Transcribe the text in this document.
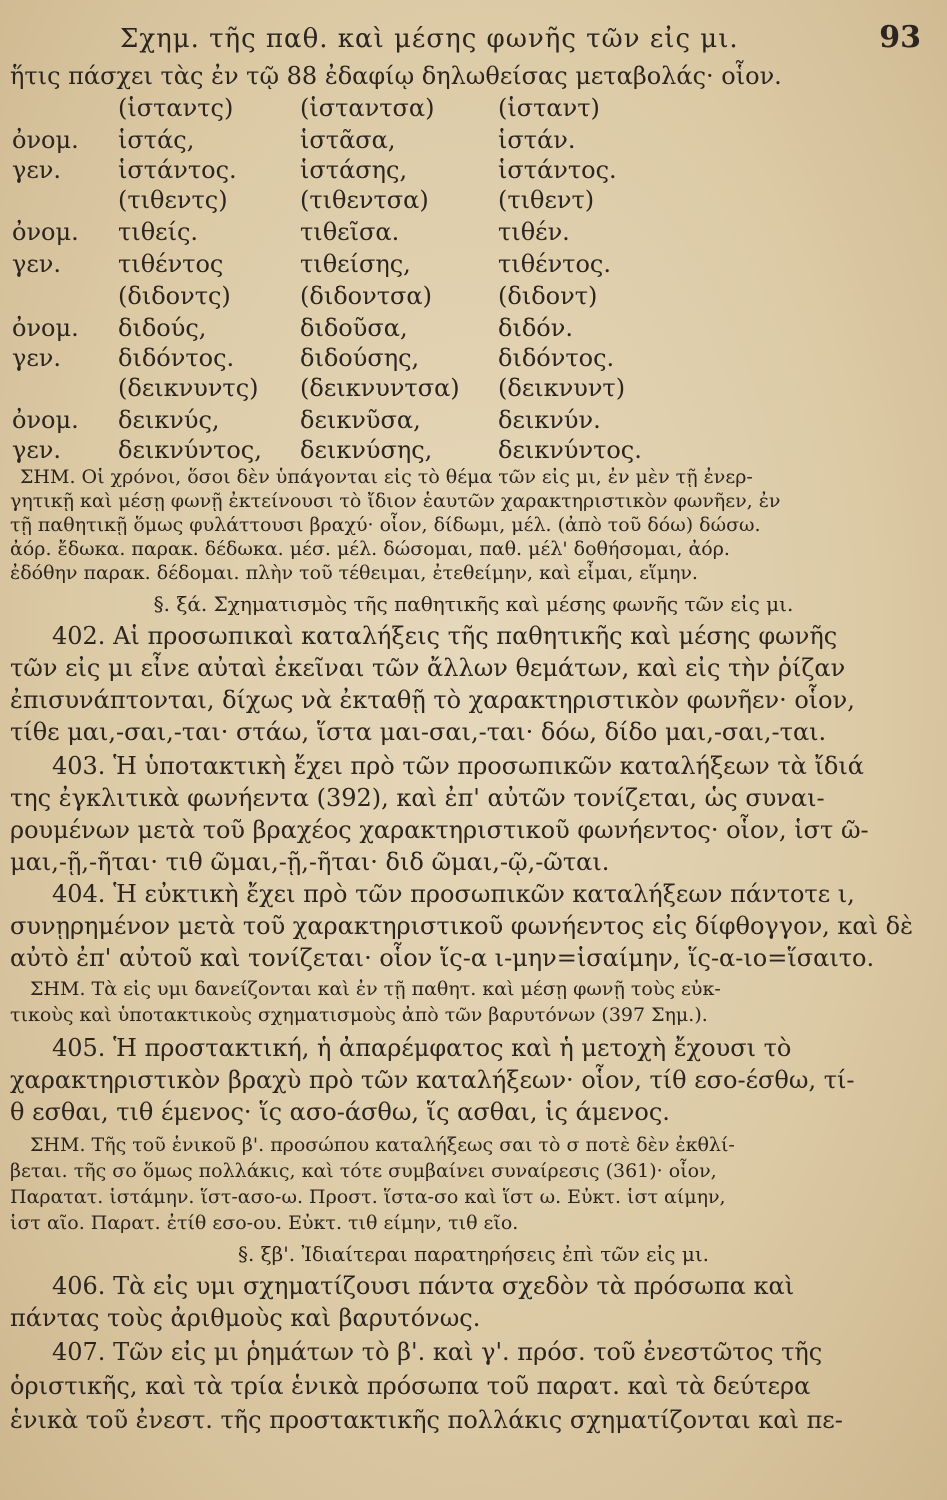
Σχημ. τῆς παθ. καὶ μέσης φωνῆς τῶν εἰς μι.	93
ἥτις πάσχει τὰς ἐν τῷ 88 ἐδαφίῳ δηλωθείσας μεταβολάς· οἷον.
(ἱσταντς)	(ἱσταντσα)	(ἱσταντ)
ὀνομ. ἱστάς,	ἱστᾶσα,	ἱστάν.
γεν. ἱστάντος.	ἱστάσης,	ἱστάντος.
(τιθεντς)	(τιθεντσα)	(τιθεντ)
ὀνομ. τιθείς.	τιθεῖσα.	τιθέν.
γεν. τιθέντος	τιθείσης,	τιθέντος.
(διδοντς)	(διδοντσα)	(διδοντ)
ὀνομ. διδούς,	διδοῦσα,	διδόν.
γεν. διδόντος.	διδούσης,	διδόντος.
(δεικνυντς) (δεικνυντσα) (δεικνυντ)
ὀνομ. δεικνύς,	δεικνῦσα,	δεικνύν.
γεν. δεικνύντος, δεικνύσης,	δεικνύντος.
ΣΗΜ. Οἱ χρόνοι, ὅσοι δὲν ὑπάγονται εἰς τὸ θέμα τῶν εἰς μι, ἐν μὲν τῇ ἐνερ-
γητικῇ καὶ μέσῃ φωνῇ ἐκτείνουσι τὸ ἴδιον ἑαυτῶν χαρακτηριστικὸν φωνῆεν, ἐν
τῇ παθητικῇ ὅμως φυλάττουσι βραχύ· οἷον, δίδωμι, μέλ. (ἀπὸ τοῦ δόω) δώσω.
ἀόρ. ἔδωκα. παρακ. δέδωκα. μέσ. μέλ. δώσομαι, παθ. μέλ' δοθήσομαι, ἀόρ.
ἐδόθην παρακ. δέδομαι. πλὴν τοῦ τέθειμαι, ἐτεθείμην, καὶ εἶμαι, εἵμην.
§. ξά. Σχηματισμὸς τῆς παθητικῆς καὶ μέσης φωνῆς τῶν εἰς μι.
402. Αἱ προσωπικαὶ καταλήξεις τῆς παθητικῆς καὶ μέσης φωνῆς
τῶν εἰς μι εἶνε αὐταὶ ἐκεῖναι τῶν ἄλλων θεμάτων, καὶ εἰς τὴν ῥίζαν
ἐπισυνάπτονται, δίχως νὰ ἐκταθῇ τὸ χαρακτηριστικὸν φωνῆεν· οἷον,
τίθε μαι,-σαι,-ται· στάω, ἵστα μαι-σαι,-ται· δόω, δίδο μαι,-σαι,-ται.
403. Ἡ ὑποτακτικὴ ἔχει πρὸ τῶν προσωπικῶν καταλήξεων τὰ ἴδιά
της ἐγκλιτικὰ φωνήεντα (392), καὶ ἐπ' αὐτῶν τονίζεται, ὡς συναι-
ρουμένων μετὰ τοῦ βραχέος χαρακτηριστικοῦ φωνήεντος· οἷον, ἱστ ῶ-
μαι,-ῇ,-ῆται· τιθ ῶμαι,-ῇ,-ῆται· διδ ῶμαι,-ῷ,-ῶται.
404. Ἡ εὐκτικὴ ἔχει πρὸ τῶν προσωπικῶν καταλήξεων πάντοτε ι,
συνῃρημένον μετὰ τοῦ χαρακτηριστικοῦ φωνήεντος εἰς δίφθογγον, καὶ δὲ
αὐτὸ ἐπ' αὐτοῦ καὶ τονίζεται· οἷον ἵς-α ι-μην=ἱσαίμην, ἵς-α-ιο=ἵσαιτο.
ΣΗΜ. Τὰ εἰς υμι δανείζονται καὶ ἐν τῇ παθητ. καὶ μέσῃ φωνῇ τοὺς εὐκ-
τικοὺς καὶ ὑποτακτικοὺς σχηματισμοὺς ἀπὸ τῶν βαρυτόνων (397 Σημ.).
405. Ἡ προστακτική, ἡ ἀπαρέμφατος καὶ ἡ μετοχὴ ἔχουσι τὸ
χαρακτηριστικὸν βραχὺ πρὸ τῶν καταλήξεων· οἷον, τίθ εσο-έσθω, τί-
θ εσθαι, τιθ έμενος· ἵς ασο-άσθω, ἵς ασθαι, ἱς άμενος.
ΣΗΜ. Τῆς τοῦ ἑνικοῦ β'. προσώπου καταλήξεως σαι τὸ σ ποτὲ δὲν ἐκθλί-
βεται. τῆς σο ὅμως πολλάκις, καὶ τότε συμβαίνει συναίρεσις (361)· οἷον,
Παρατατ. ἱστάμην. ἵστ-ασο-ω. Προστ. ἵστα-σο καὶ ἵστ ω. Εὐκτ. ἱστ αίμην,
ἱστ αῖο. Παρατ. ἐτίθ εσο-ου. Εὐκτ. τιθ είμην, τιθ εῖο.
§. ξβ'. Ἰδιαίτεραι παρατηρήσεις ἐπὶ τῶν εἰς μι.
406. Τὰ εἰς υμι σχηματίζουσι πάντα σχεδὸν τὰ πρόσωπα καὶ
πάντας τοὺς ἀριθμοὺς καὶ βαρυτόνως.
407. Τῶν εἰς μι ῥημάτων τὸ β'. καὶ γ'. πρόσ. τοῦ ἐνεστῶτος τῆς
ὁριστικῆς, καὶ τὰ τρία ἑνικὰ πρόσωπα τοῦ παρατ. καὶ τὰ δεύτερα
ἑνικὰ τοῦ ἐνεστ. τῆς προστακτικῆς πολλάκις σχηματίζονται καὶ πε-
